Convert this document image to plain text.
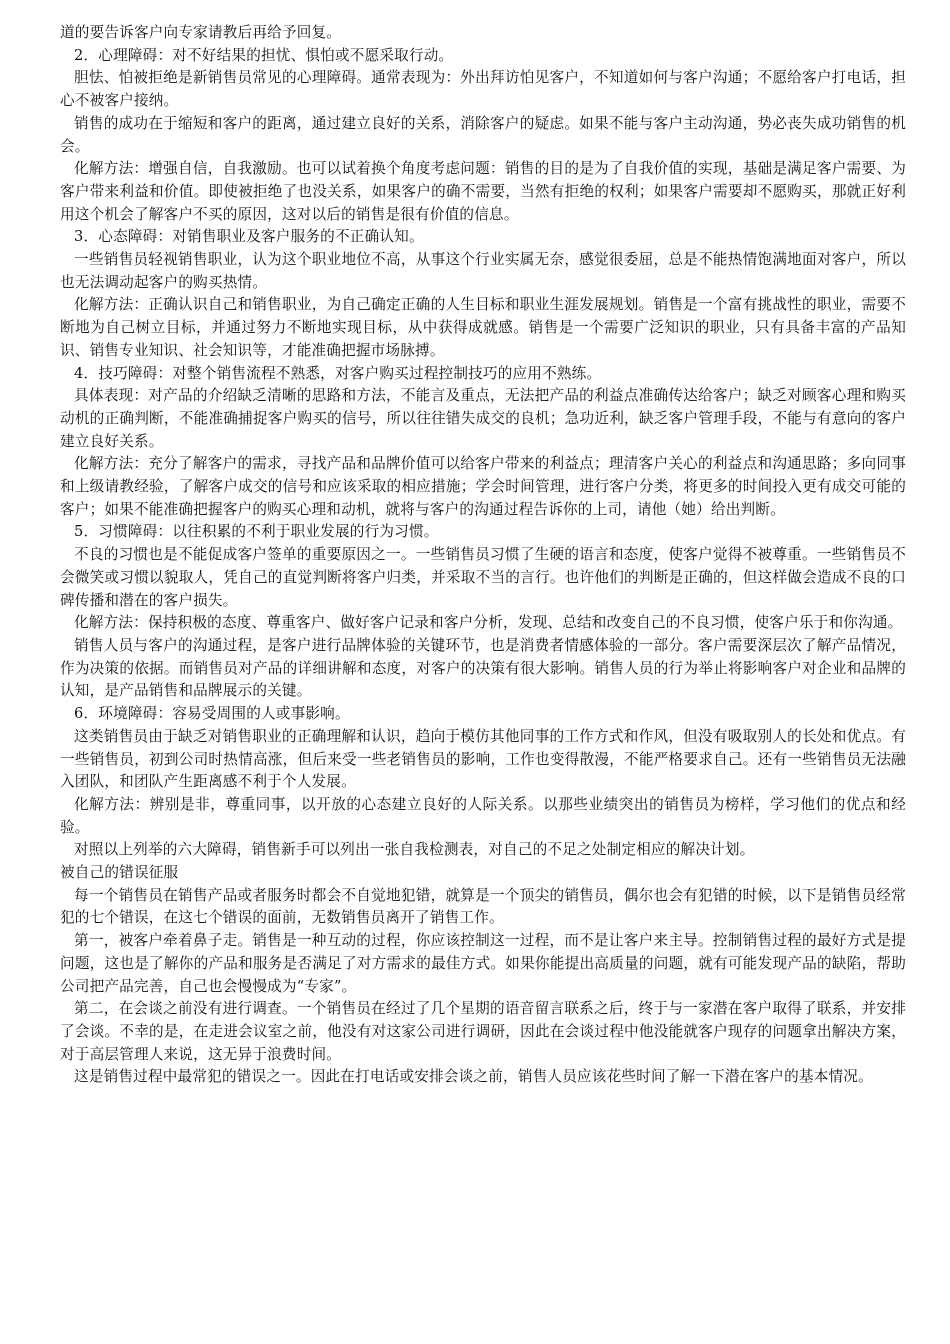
道的要告诉客户向专家请教后再给予回复。

2．心理障碍：对不好结果的担忧、惧怕或不愿采取行动。

胆怯、怕被拒绝是新销售员常见的心理障碍。通常表现为：外出拜访怕见客户，不知道如何与客户沟通；不愿给客户打电话，担心不被客户接纳。

销售的成功在于缩短和客户的距离，通过建立良好的关系，消除客户的疑虑。如果不能与客户主动沟通，势必丧失成功销售的机会。

化解方法：增强自信，自我激励。也可以试着换个角度考虑问题：销售的目的是为了自我价值的实现，基础是满足客户需要、为客户带来利益和价值。即使被拒绝了也没关系，如果客户的确不需要，当然有拒绝的权利；如果客户需要却不愿购买，那就正好利用这个机会了解客户不买的原因，这对以后的销售是很有价值的信息。

3．心态障碍：对销售职业及客户服务的不正确认知。

一些销售员轻视销售职业，认为这个职业地位不高，从事这个行业实属无奈，感觉很委屈，总是不能热情饱满地面对客户，所以也无法调动起客户的购买热情。

化解方法：正确认识自己和销售职业，为自己确定正确的人生目标和职业生涯发展规划。销售是一个富有挑战性的职业，需要不断地为自己树立目标，并通过努力不断地实现目标，从中获得成就感。销售是一个需要广泛知识的职业，只有具备丰富的产品知识、销售专业知识、社会知识等，才能准确把握市场脉搏。

4．技巧障碍：对整个销售流程不熟悉，对客户购买过程控制技巧的应用不熟练。

具体表现：对产品的介绍缺乏清晰的思路和方法，不能言及重点，无法把产品的利益点准确传达给客户；缺乏对顾客心理和购买动机的正确判断，不能准确捕捉客户购买的信号，所以往往错失成交的良机；急功近利，缺乏客户管理手段，不能与有意向的客户建立良好关系。

化解方法：充分了解客户的需求，寻找产品和品牌价值可以给客户带来的利益点；理清客户关心的利益点和沟通思路；多向同事和上级请教经验，了解客户成交的信号和应该采取的相应措施；学会时间管理，进行客户分类，将更多的时间投入更有成交可能的客户；如果不能准确把握客户的购买心理和动机，就将与客户的沟通过程告诉你的上司，请他（她）给出判断。

5．习惯障碍：以往积累的不利于职业发展的行为习惯。

不良的习惯也是不能促成客户签单的重要原因之一。一些销售员习惯了生硬的语言和态度，使客户觉得不被尊重。一些销售员不会微笑或习惯以貌取人，凭自己的直觉判断将客户归类，并采取不当的言行。也许他们的判断是正确的，但这样做会造成不良的口碑传播和潜在的客户损失。

化解方法：保持积极的态度、尊重客户、做好客户记录和客户分析，发现、总结和改变自己的不良习惯，使客户乐于和你沟通。

销售人员与客户的沟通过程，是客户进行品牌体验的关键环节，也是消费者情感体验的一部分。客户需要深层次了解产品情况，作为决策的依据。而销售员对产品的详细讲解和态度，对客户的决策有很大影响。销售人员的行为举止将影响客户对企业和品牌的认知，是产品销售和品牌展示的关键。

6．环境障碍：容易受周围的人或事影响。

这类销售员由于缺乏对销售职业的正确理解和认识，趋向于模仿其他同事的工作方式和作风，但没有吸取别人的长处和优点。有一些销售员，初到公司时热情高涨，但后来受一些老销售员的影响，工作也变得散漫，不能严格要求自己。还有一些销售员无法融入团队，和团队产生距离感不利于个人发展。

化解方法：辨别是非，尊重同事，以开放的心态建立良好的人际关系。以那些业绩突出的销售员为榜样，学习他们的优点和经验。

对照以上列举的六大障碍，销售新手可以列出一张自我检测表，对自己的不足之处制定相应的解决计划。

被自己的错误征服

每一个销售员在销售产品或者服务时都会不自觉地犯错，就算是一个顶尖的销售员，偶尔也会有犯错的时候，以下是销售员经常犯的七个错误，在这七个错误的面前，无数销售员离开了销售工作。

第一，被客户牵着鼻子走。销售是一种互动的过程，你应该控制这一过程，而不是让客户来主导。控制销售过程的最好方式是提问题，这也是了解你的产品和服务是否满足了对方需求的最佳方式。如果你能提出高质量的问题，就有可能发现产品的缺陷，帮助公司把产品完善，自己也会慢慢成为“专家”。

第二，在会谈之前没有进行调查。一个销售员在经过了几个星期的语音留言联系之后，终于与一家潜在客户取得了联系，并安排了会谈。不幸的是，在走进会议室之前，他没有对这家公司进行调研，因此在会谈过程中他没能就客户现存的问题拿出解决方案，对于高层管理人来说，这无异于浪费时间。

这是销售过程中最常犯的错误之一。因此在打电话或安排会谈之前，销售人员应该花些时间了解一下潜在客户的基本情况。
